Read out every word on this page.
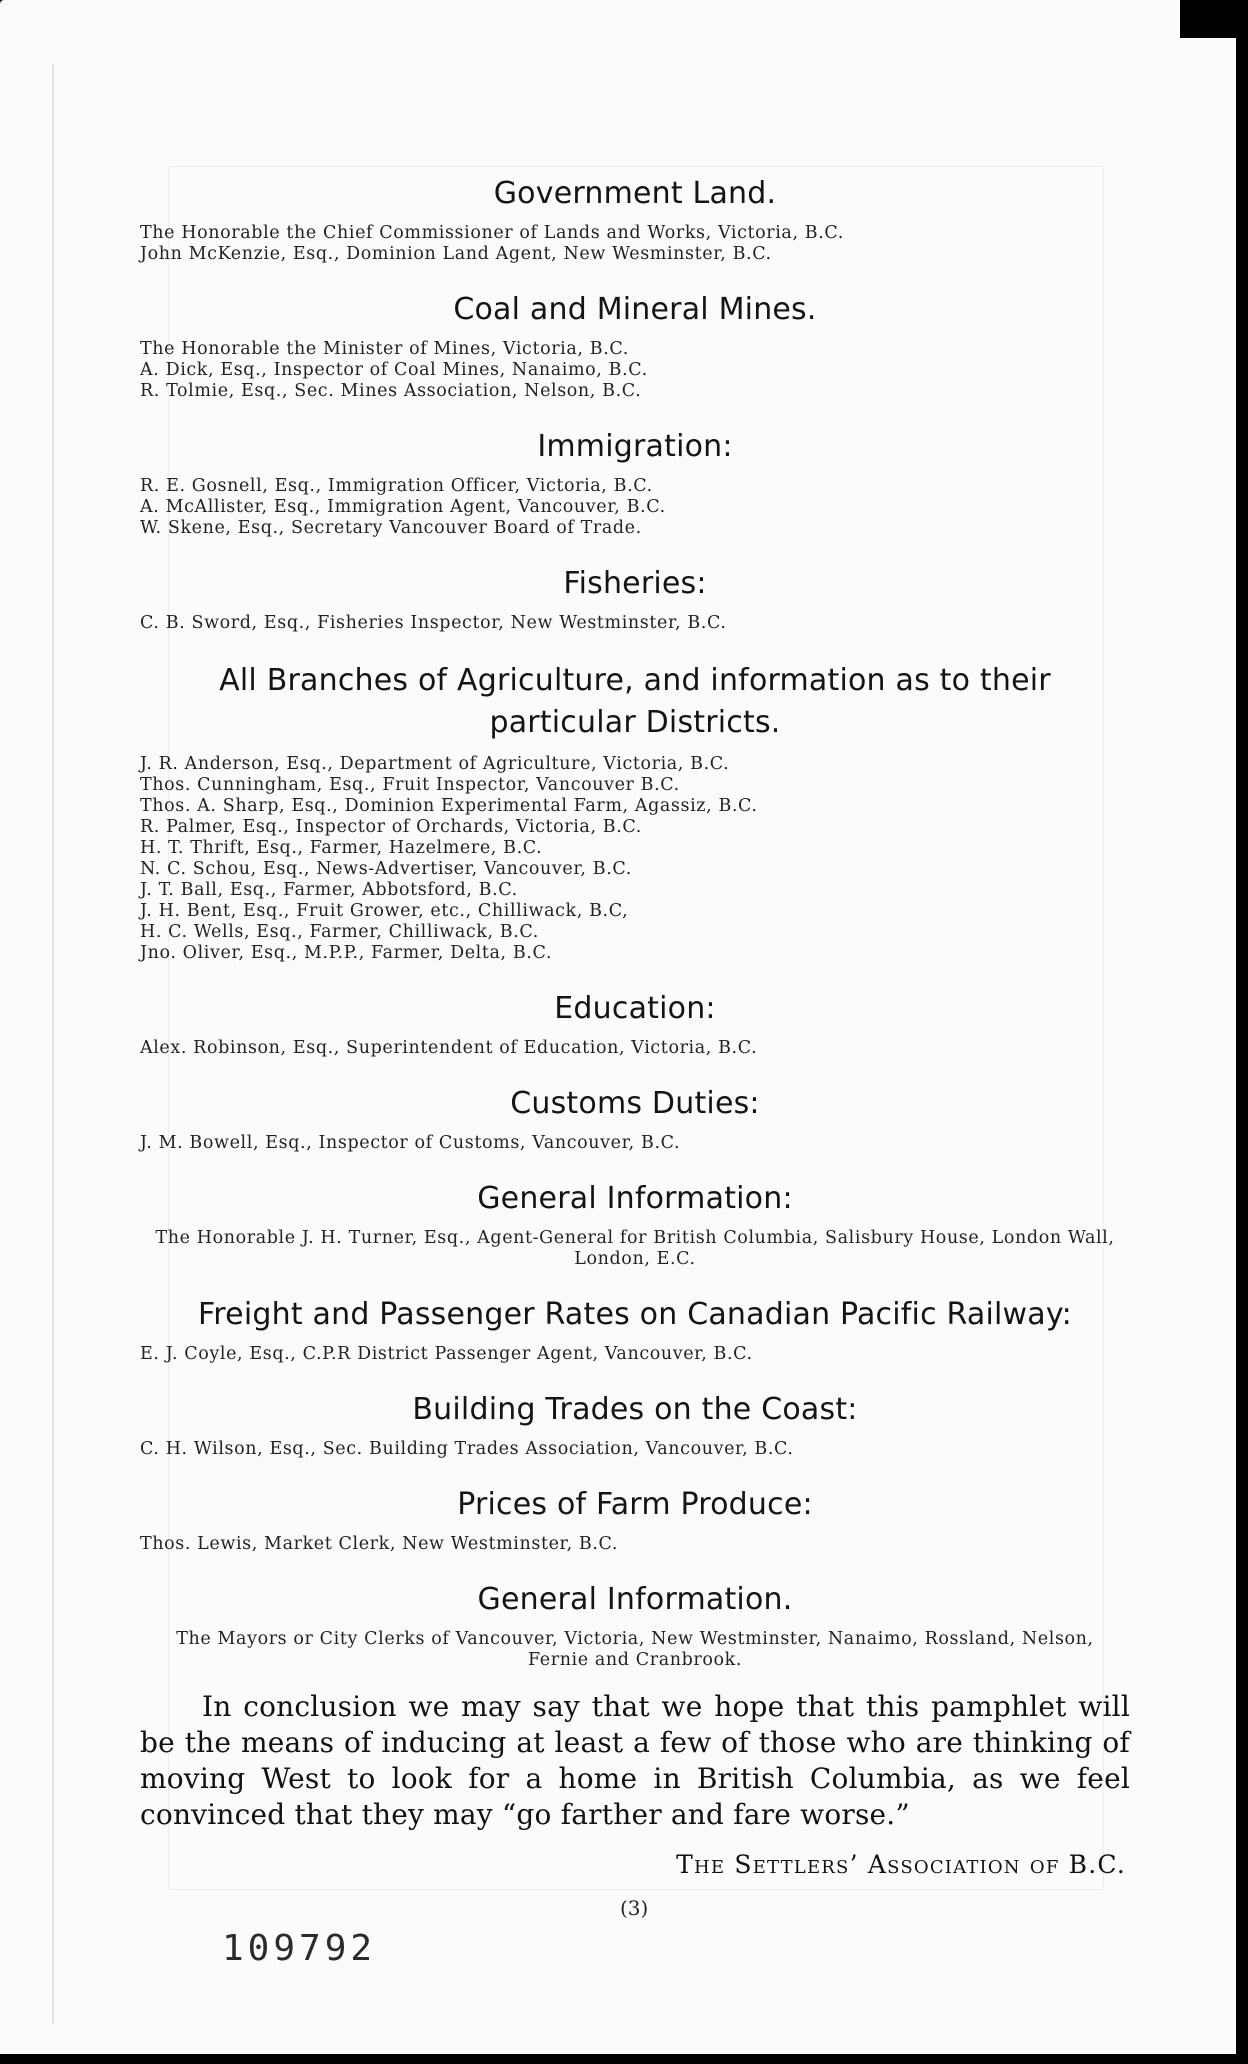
Government Land.

The Honorable the Chief Commissioner of Lands and Works, Victoria, B.C.

John McKenzie, Esq., Dominion Land Agent, New Wesminster, B.C.

Coal and Mineral Mines.

The Honorable the Minister of Mines, Victoria, B.C.

A. Dick, Esq., Inspector of Coal Mines, Nanaimo, B.C.

R. Tolmie, Esq., Sec. Mines Association, Nelson, B.C.

Immigration:

R. E. Gosnell, Esq., Immigration Officer, Victoria, B.C.

A. McAllister, Esq., Immigration Agent, Vancouver, B.C.

W. Skene, Esq., Secretary Vancouver Board of Trade.

Fisheries:

C. B. Sword, Esq., Fisheries Inspector, New Westminster, B.C.

All Branches of Agriculture, and information as to their particular Districts.

J. R. Anderson, Esq., Department of Agriculture, Victoria, B.C.

Thos. Cunningham, Esq., Fruit Inspector, Vancouver B.C.

Thos. A. Sharp, Esq., Dominion Experimental Farm, Agassiz, B.C.

R. Palmer, Esq., Inspector of Orchards, Victoria, B.C.

H. T. Thrift, Esq., Farmer, Hazelmere, B.C.

N. C. Schou, Esq., News-Advertiser, Vancouver, B.C.

J. T. Ball, Esq., Farmer, Abbotsford, B.C.

J. H. Bent, Esq., Fruit Grower, etc., Chilliwack, B.C,

H. C. Wells, Esq., Farmer, Chilliwack, B.C.

Jno. Oliver, Esq., M.P.P., Farmer, Delta, B.C.

Education:

Alex. Robinson, Esq., Superintendent of Education, Victoria, B.C.

Customs Duties:

J. M. Bowell, Esq., Inspector of Customs, Vancouver, B.C.

General Information:

The Honorable J. H. Turner, Esq., Agent-General for British Columbia, Salisbury House, London Wall, London, E.C.

Freight and Passenger Rates on Canadian Pacific Railway:

E. J. Coyle, Esq., C.P.R District Passenger Agent, Vancouver, B.C.

Building Trades on the Coast:

C. H. Wilson, Esq., Sec. Building Trades Association, Vancouver, B.C.

Prices of Farm Produce:

Thos. Lewis, Market Clerk, New Westminster, B.C.

General Information.

The Mayors or City Clerks of Vancouver, Victoria, New Westminster, Nanaimo, Rossland, Nelson, Fernie and Cranbrook.

In conclusion we may say that we hope that this pamphlet will be the means of inducing at least a few of those who are thinking of moving West to look for a home in British Columbia, as we feel convinced that they may “go farther and fare worse.”

The Settlers’ Association of B.C.
(3)
109792
